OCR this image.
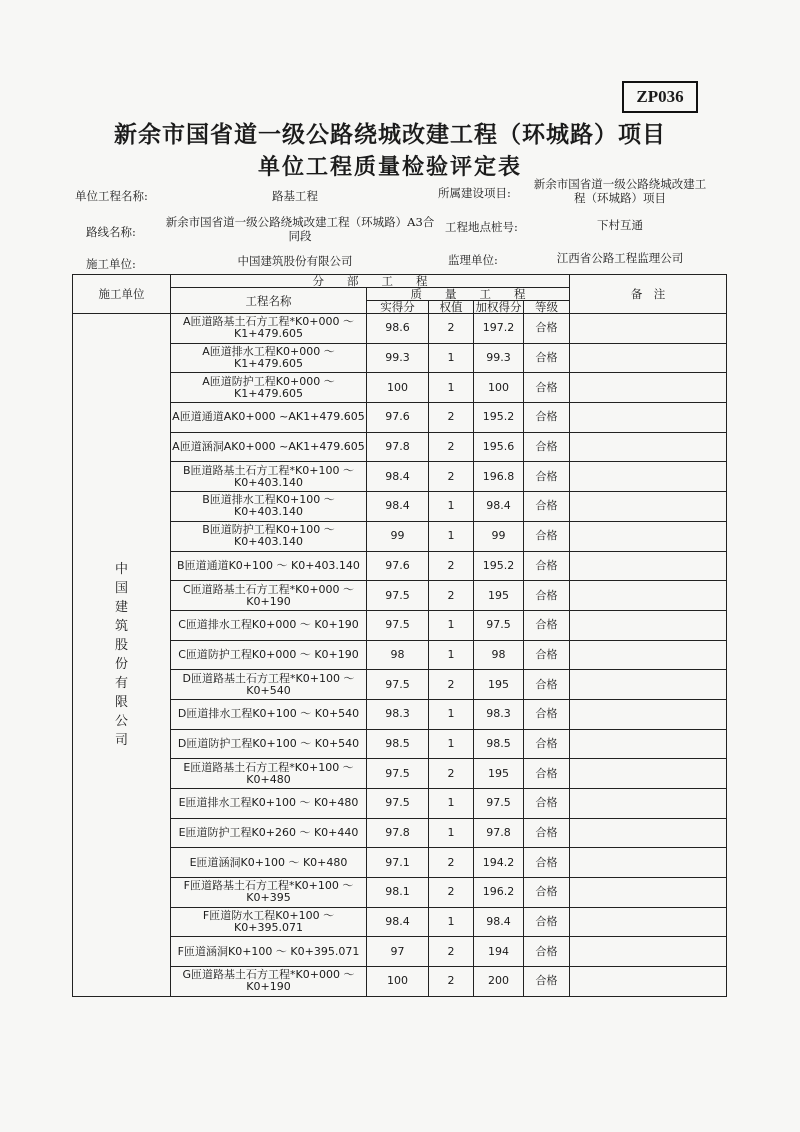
ZP036
新余市国省道一级公路绕城改建工程（环城路）项目
单位工程质量检验评定表
单位工程名称:	路基工程	所属建设项目:
新余市国省道一级公路绕城改建工程（环城路）项目
路线名称:
新余市国省道一级公路绕城改建工程（环城路）A3合同段
工程地点桩号:	下村互通
施工单位:	中国建筑股份有限公司	监理单位:	江西省公路工程监理公司
施工单位	分　　部　　工　　程					备　注
	工程名称	质　　量　　工　　程				
		实得分	权值	加权得分	等级	

中国建筑股份有限公司	A匝道路基土石方工程*K0+000 ～K1+479.605	98.6	2	197.2	合格	
	A匝道排水工程K0+000 ～K1+479.605	99.3	1	99.3	合格	
	A匝道防护工程K0+000 ～K1+479.605	100	1	100	合格	
	A匝道通道AK0+000 ~AK1+479.605	97.6	2	195.2	合格	
	A匝道涵洞AK0+000 ~AK1+479.605	97.8	2	195.6	合格	
	B匝道路基土石方工程*K0+100 ～K0+403.140	98.4	2	196.8	合格	
	B匝道排水工程K0+100 ～K0+403.140	98.4	1	98.4	合格	
	B匝道防护工程K0+100 ～K0+403.140	99	1	99	合格	
	B匝道通道K0+100 ～ K0+403.140	97.6	2	195.2	合格	
	C匝道路基土石方工程*K0+000 ～K0+190	97.5	2	195	合格	
	C匝道排水工程K0+000 ～ K0+190	97.5	1	97.5	合格	
	C匝道防护工程K0+000 ～ K0+190	98	1	98	合格	
	D匝道路基土石方工程*K0+100 ～K0+540	97.5	2	195	合格	
	D匝道排水工程K0+100 ～ K0+540	98.3	1	98.3	合格	
	D匝道防护工程K0+100 ～ K0+540	98.5	1	98.5	合格	
	E匝道路基土石方工程*K0+100 ～K0+480	97.5	2	195	合格	
	E匝道排水工程K0+100 ～ K0+480	97.5	1	97.5	合格	
	E匝道防护工程K0+260 ～ K0+440	97.8	1	97.8	合格	
	E匝道涵洞K0+100 ～ K0+480	97.1	2	194.2	合格	
	F匝道路基土石方工程*K0+100 ～K0+395	98.1	2	196.2	合格	
	F匝道防水工程K0+100 ～K0+395.071	98.4	1	98.4	合格	
	F匝道涵洞K0+100 ～ K0+395.071	97	2	194	合格	
	G匝道路基土石方工程*K0+000 ～K0+190	100	2	200	合格	
